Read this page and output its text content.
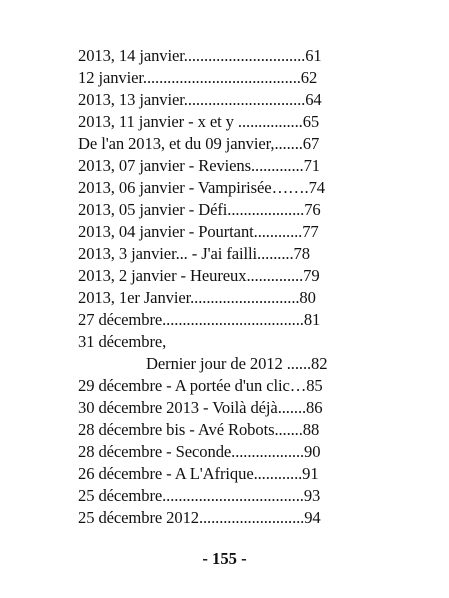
2013, 14 janvier..............................61
12 janvier.......................................62
2013, 13 janvier..............................64
2013, 11 janvier - x et y ................65
De l'an 2013, et du 09 janvier,.......67
2013, 07 janvier - Reviens.............71
2013, 06 janvier - Vampirisée…….74
2013, 05 janvier - Défi...................76
2013, 04 janvier - Pourtant............77
2013, 3 janvier... - J'ai failli.........78
2013, 2 janvier - Heureux..............79
2013, 1er Janvier...........................80
27 décembre...................................81
31 décembre,
Dernier jour de 2012 ......82
29 décembre - A portée d'un clic…85
30 décembre 2013 - Voilà déjà.......86
28 décembre bis - Avé Robots.......88
28 décembre - Seconde..................90
26 décembre - A L'Afrique............91
25 décembre...................................93
25 décembre 2012..........................94
- 155 -
